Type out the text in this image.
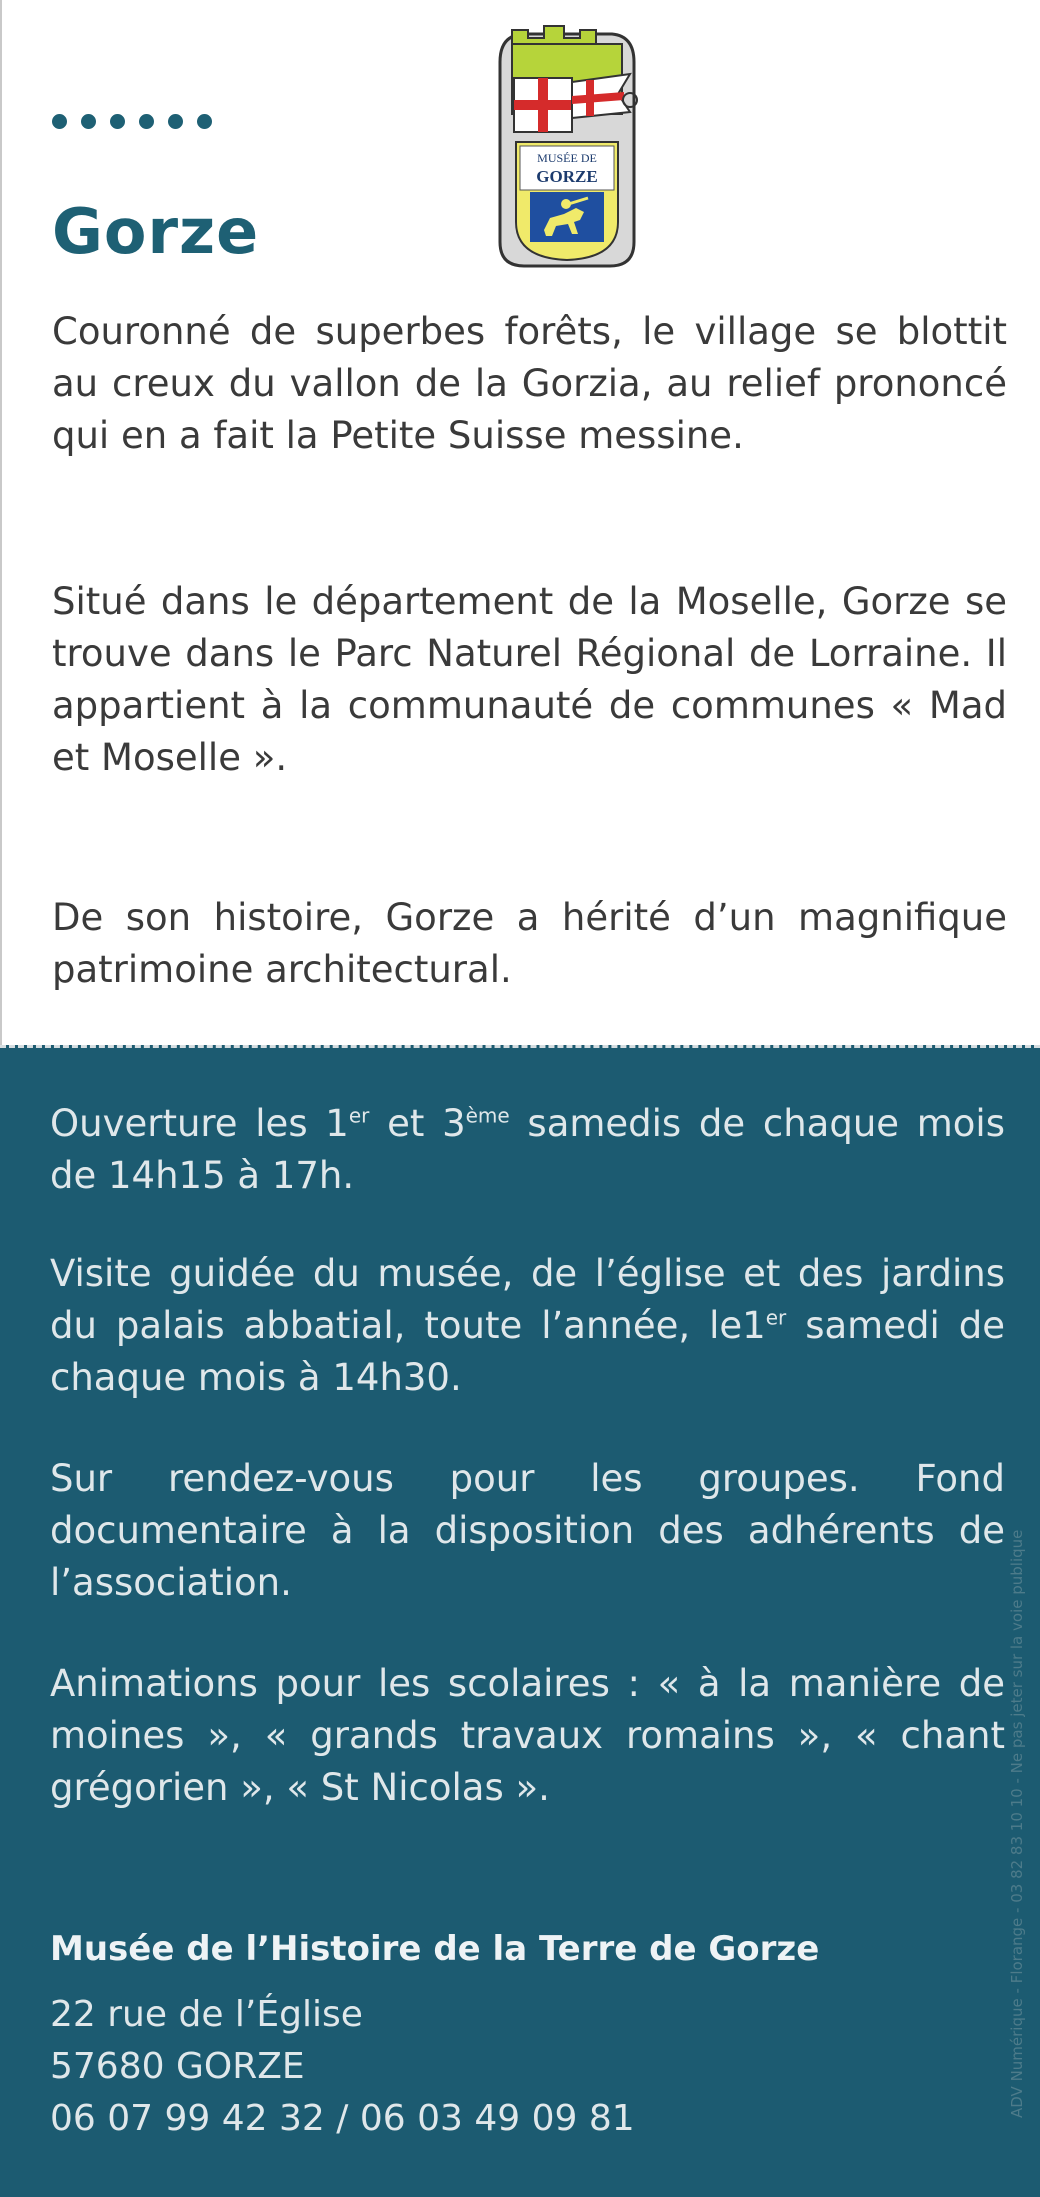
Gorze
MUSÉE DE
GORZE

Couronné de superbes forêts, le village se blottit au creux du vallon de la Gorzia, au relief prononcé qui en a fait la Petite Suisse messine.

Situé dans le département de la Moselle, Gorze se trouve dans le Parc Naturel Régional de Lorraine. Il appartient à la communauté de communes « Mad et Moselle ».

De son histoire, Gorze a hérité d’un magnifique patrimoine architectural.

Ouverture les 1er et 3ème samedis de chaque mois de 14h15 à 17h.

Visite guidée du musée, de l’église et des jardins du palais abbatial, toute l’année, le1er samedi de chaque mois à 14h30.

Sur rendez-vous pour les groupes. Fond documentaire à la disposition des adhérents de l’association.

Animations pour les scolaires : « à la manière de moines », « grands travaux romains », « chant grégorien », « St Nicolas ».

Musée de l’Histoire de la Terre de Gorze

22 rue de l’Église

57680 GORZE

06 07 99 42 32 / 06 03 49 09 81

ADV Numérique - Florange - 03 82 83 10 10 - Ne pas jeter sur la voie publique
